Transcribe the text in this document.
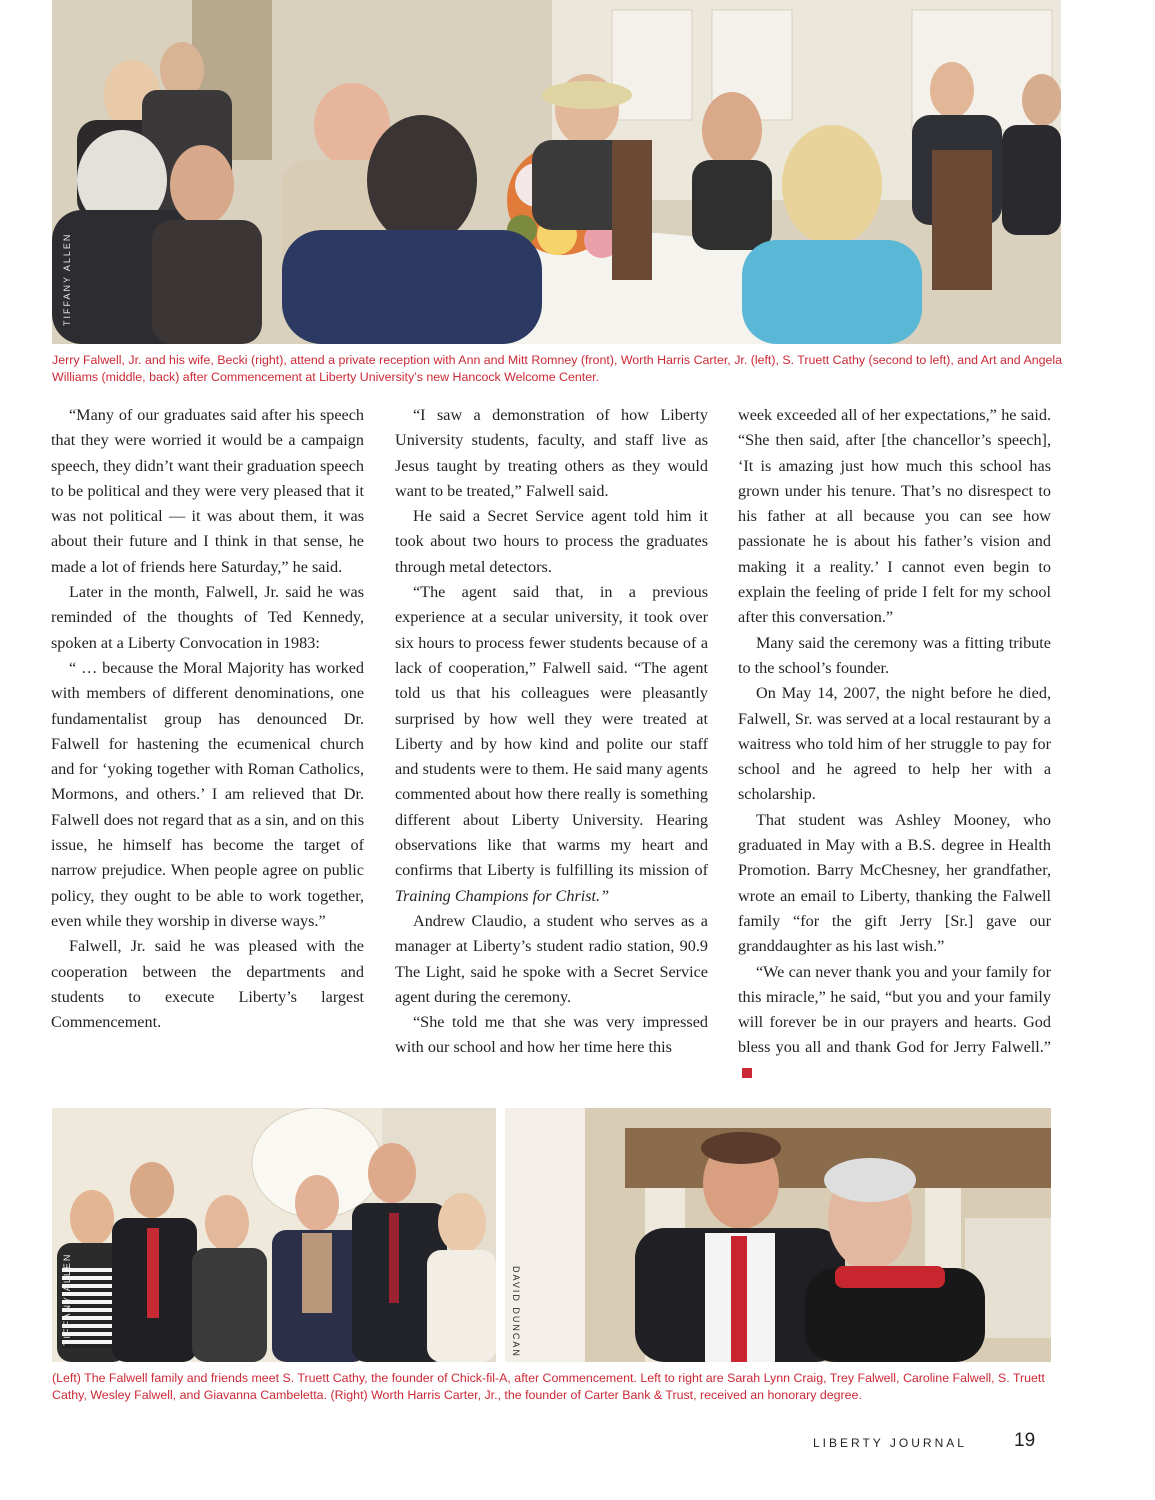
TIFFANY ALLEN

Jerry Falwell, Jr. and his wife, Becki (right), attend a private reception with Ann and Mitt Romney (front), Worth Harris Carter, Jr. (left), S. Truett Cathy (second to left), and Art and Angela Williams (middle, back) after Commencement at Liberty University’s new Hancock Welcome Center.

“Many of our graduates said after his speech that they were worried it would be a campaign speech, they didn’t want their graduation speech to be political and they were very pleased that it was not political — it was about them, it was about their future and I think in that sense, he made a lot of friends here Saturday,” he said.

Later in the month, Falwell, Jr. said he was reminded of the thoughts of Ted Kennedy, spoken at a Liberty Convocation in 1983:

“ … because the Moral Majority has worked with members of different denominations, one fundamentalist group has denounced Dr. Falwell for hastening the ecumenical church and for ‘yoking together with Roman Catholics, Mormons, and others.’ I am relieved that Dr. Falwell does not regard that as a sin, and on this issue, he himself has become the target of narrow prejudice. When people agree on public policy, they ought to be able to work together, even while they worship in diverse ways.”

Falwell, Jr. said he was pleased with the cooperation between the departments and students to execute Liberty’s largest Commencement.

“I saw a demonstration of how Liberty University students, faculty, and staff live as Jesus taught by treating others as they would want to be treated,” Falwell said.

He said a Secret Service agent told him it took about two hours to process the graduates through metal detectors.

“The agent said that, in a previous experience at a secular university, it took over six hours to process fewer students because of a lack of cooperation,” Falwell said. “The agent told us that his colleagues were pleasantly surprised by how well they were treated at Liberty and by how kind and polite our staff and students were to them. He said many agents commented about how there really is something different about Liberty University. Hearing observations like that warms my heart and confirms that Liberty is fulfilling its mission of Training Champions for Christ.”

Andrew Claudio, a student who serves as a manager at Liberty’s student radio station, 90.9 The Light, said he spoke with a Secret Service agent during the ceremony.

“She told me that she was very impressed with our school and how her time here this

week exceeded all of her expectations,” he said. “She then said, after [the chancellor’s speech], ‘It is amazing just how much this school has grown under his tenure. That’s no disrespect to his father at all because you can see how passionate he is about his father’s vision and making it a reality.’ I cannot even begin to explain the feeling of pride I felt for my school after this conversation.”

Many said the ceremony was a fitting tribute to the school’s founder.

On May 14, 2007, the night before he died, Falwell, Sr. was served at a local restaurant by a waitress who told him of her struggle to pay for school and he agreed to help her with a scholarship.

That student was Ashley Mooney, who graduated in May with a B.S. degree in Health Promotion. Barry McChesney, her grandfather, wrote an email to Liberty, thanking the Falwell family “for the gift Jerry [Sr.] gave our granddaughter as his last wish.”

“We can never thank you and your family for this miracle,” he said, “but you and your family will forever be in our prayers and hearts. God bless you all and thank God for Jerry Falwell.”

TIFFANY ALLEN	DAVID DUNCAN

(Left) The Falwell family and friends meet S. Truett Cathy, the founder of Chick-fil-A, after Commencement. Left to right are Sarah Lynn Craig, Trey Falwell, Caroline Falwell, S. Truett Cathy, Wesley Falwell, and Giavanna Cambeletta. (Right) Worth Harris Carter, Jr., the founder of Carter Bank & Trust, received an honorary degree.

LIBERTY JOURNAL 19
